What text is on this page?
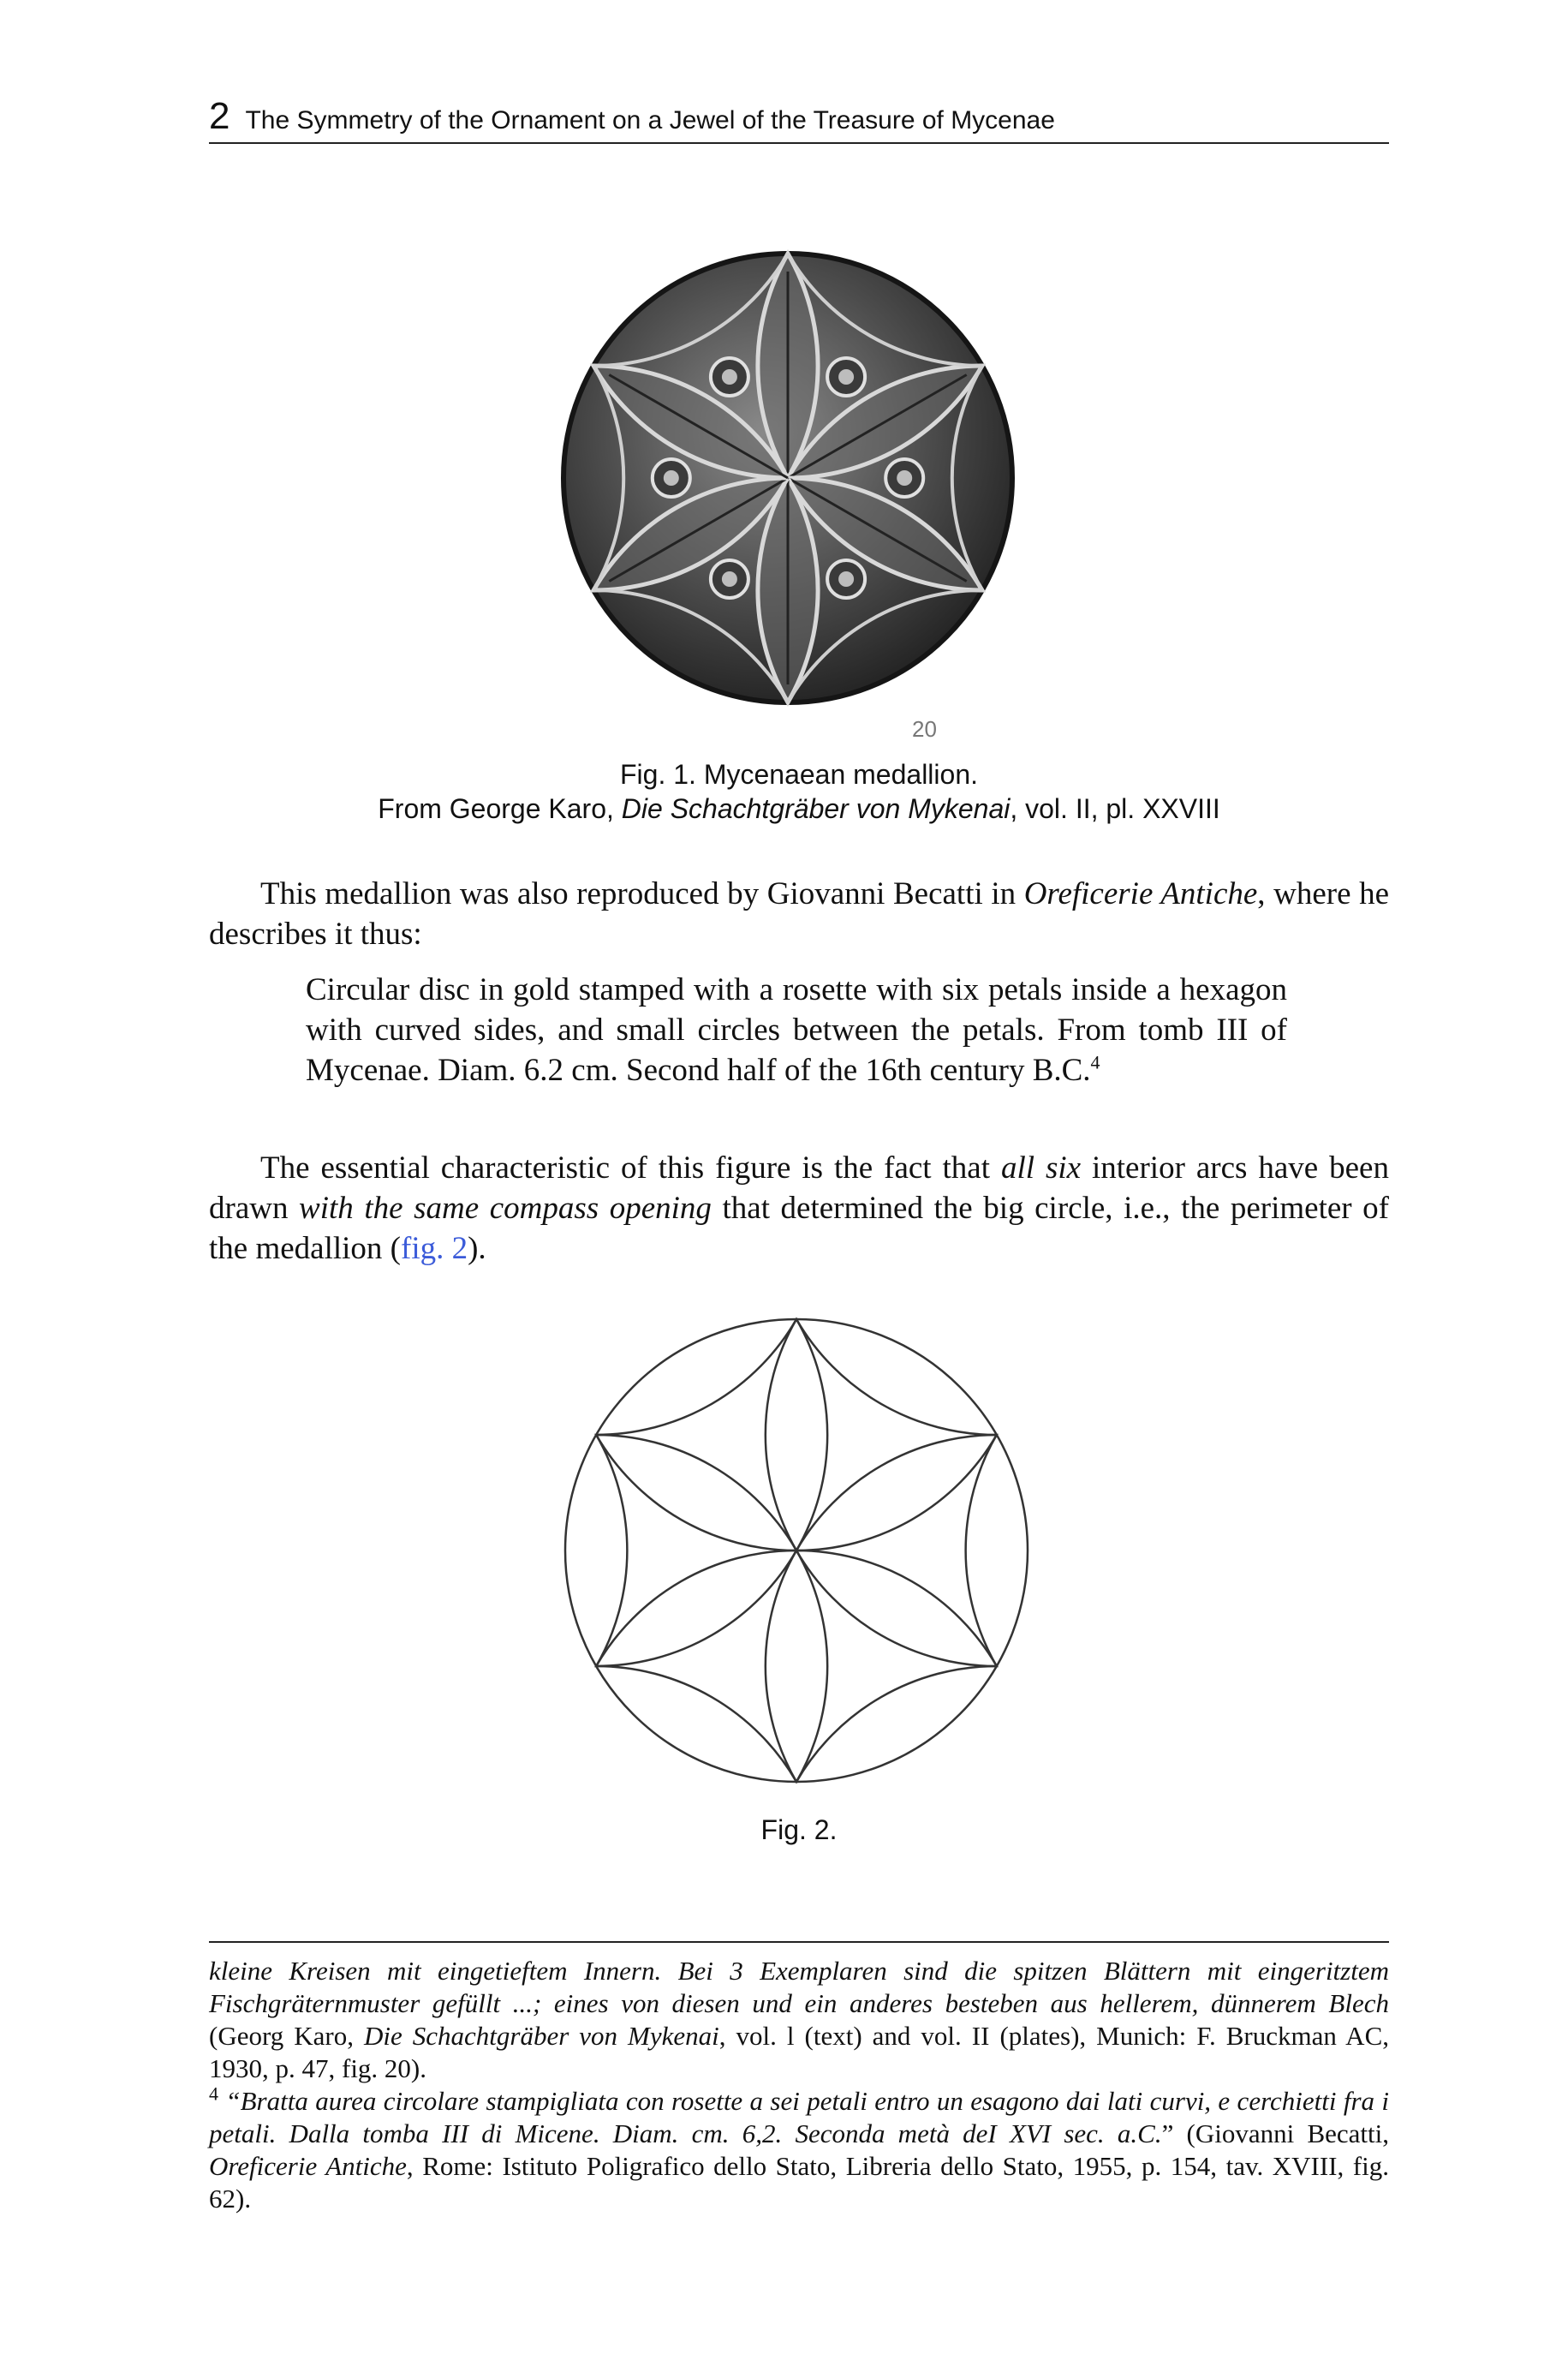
2 The Symmetry of the Ornament on a Jewel of the Treasure of Mycenae
20
Fig. 1. Mycenaean medallion.
From George Karo, Die Schachtgräber von Mykenai, vol. II, pl. XXVIII
This medallion was also reproduced by Giovanni Becatti in Oreficerie Antiche, where he describes it thus:
Circular disc in gold stamped with a rosette with six petals inside a hexagon with curved sides, and small circles between the petals. From tomb III of Mycenae. Diam. 6.2 cm. Second half of the 16th century B.C.$^4$
The essential characteristic of this figure is the fact that all six interior arcs have been drawn with the same compass opening that determined the big circle, i.e., the perimeter of the medallion (fig. 2).
Fig. 2.

kleine Kreisen mit eingetieftem Innern. Bei 3 Exemplaren sind die spitzen Blättern mit eingeritztem Fischgräternmuster gefüllt ...; eines von diesen und ein anderes besteben aus hellerem, dünnerem Blech (Georg Karo, Die Schachtgräber von Mykenai, vol. l (text) and vol. II (plates), Munich: F. Bruckman AC, 1930, p. 47, fig. 20).

$^4$ “Bratta aurea circolare stampigliata con rosette a sei petali entro un esagono dai lati curvi, e cerchietti fra i petali. Dalla tomba III di Micene. Diam. cm. 6,2. Seconda metà deI XVI sec. a.C.” (Giovanni Becatti, Oreficerie Antiche, Rome: Istituto Poligrafico dello Stato, Libreria dello Stato, 1955, p. 154, tav. XVIII, fig. 62).
